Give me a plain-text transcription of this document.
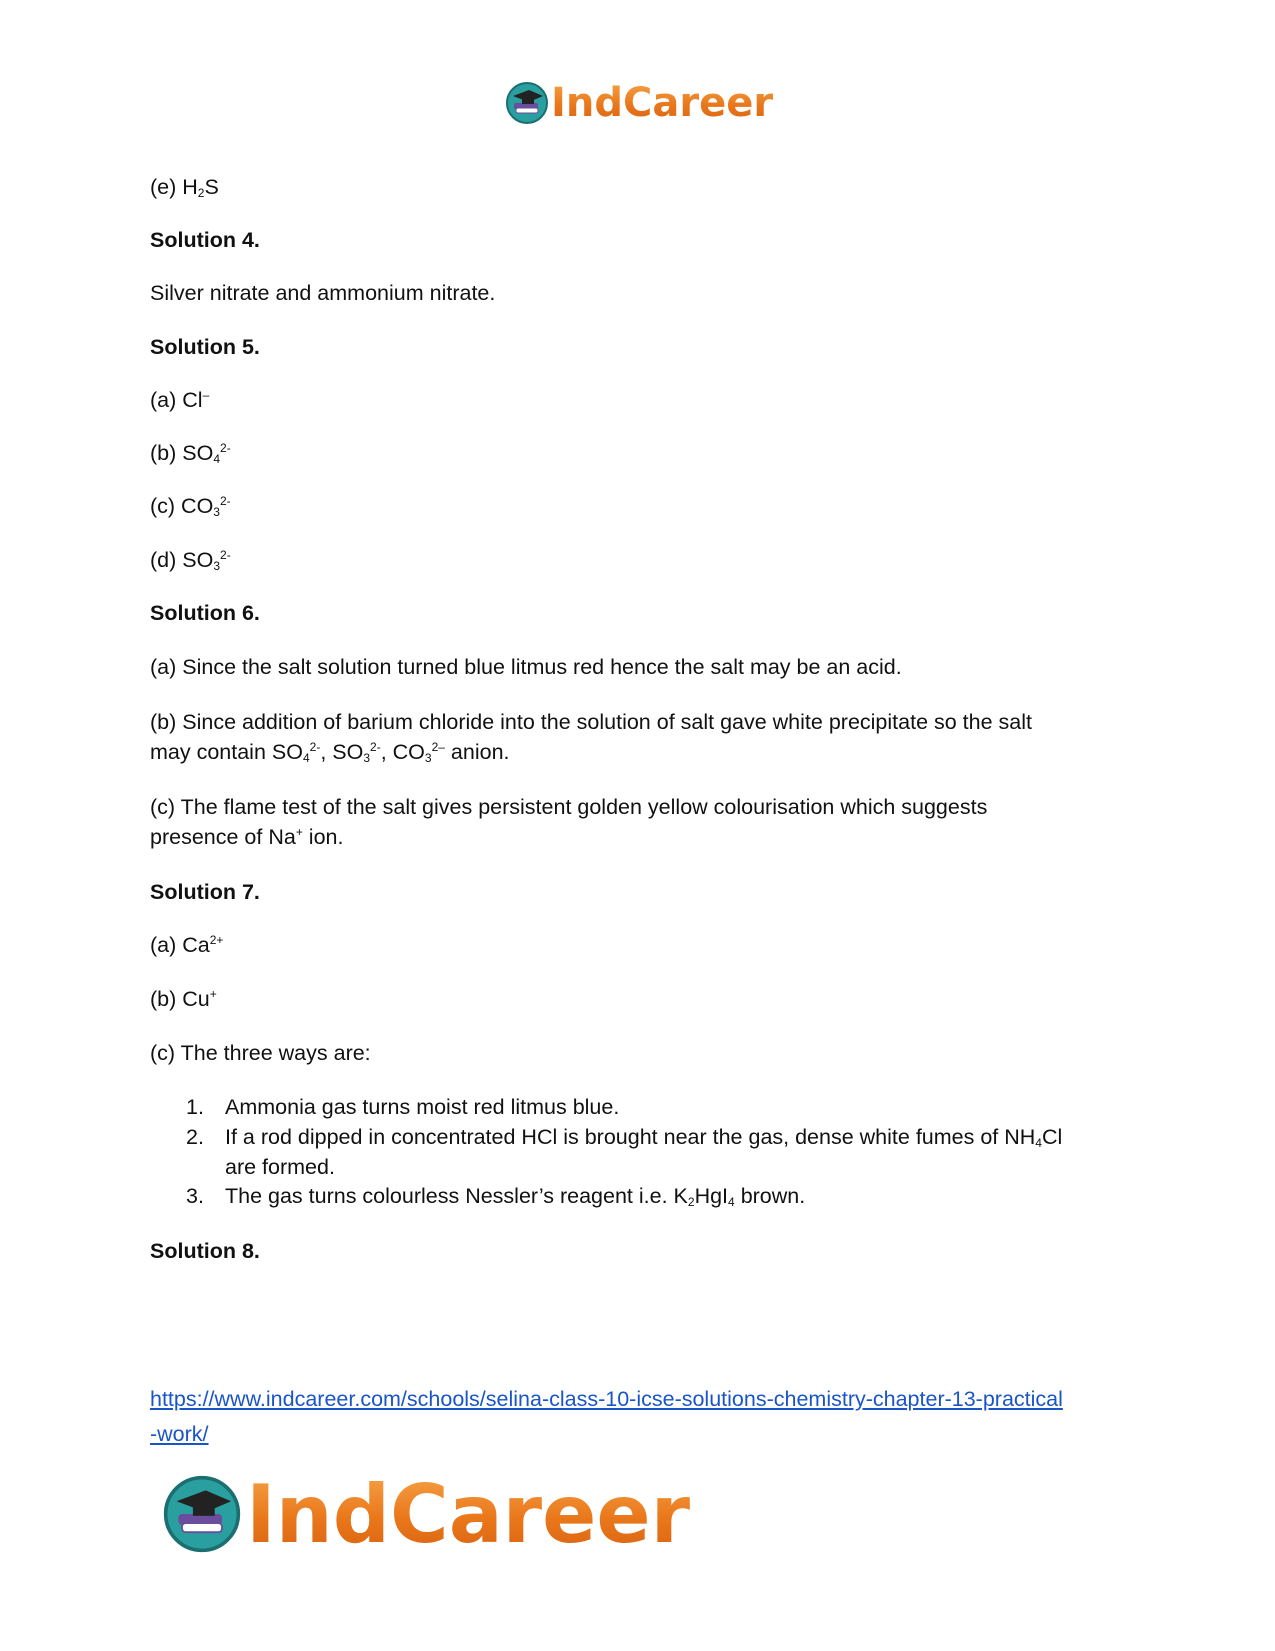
IndCareer
(e) $H_2S$
Solution 4.
Silver nitrate and ammonium nitrate.
Solution 5.
(a) Cl–
(b) $SO_4^{2-}$
(c) $CO_3^{2-}$
(d) $SO_3^{2-}$
Solution 6.
(a) Since the salt solution turned blue litmus red hence the salt may be an acid.
(b) Since addition of barium chloride into the solution of salt gave white precipitate so the salt
may contain $SO_4^{2-}$, $SO_3^{2-}$, $CO_3^{2-}$ anion.
(c) The flame test of the salt gives persistent golden yellow colourisation which suggests
presence of Na+ ion.
Solution 7.
(a) $Ca^{2+}$
(b) Cu+
(c) The three ways are:
1. Ammonia gas turns moist red litmus blue.
2. If a rod dipped in concentrated HCl is brought near the gas, dense white fumes of $NH_4Cl$
are formed.
3. The gas turns colourless Nessler’s reagent i.e. $K_2HgI_4$ brown.
Solution 8.
https://www.indcareer.com/schools/selina-class-10-icse-solutions-chemistry-chapter-13-practical
-work/
IndCareer
